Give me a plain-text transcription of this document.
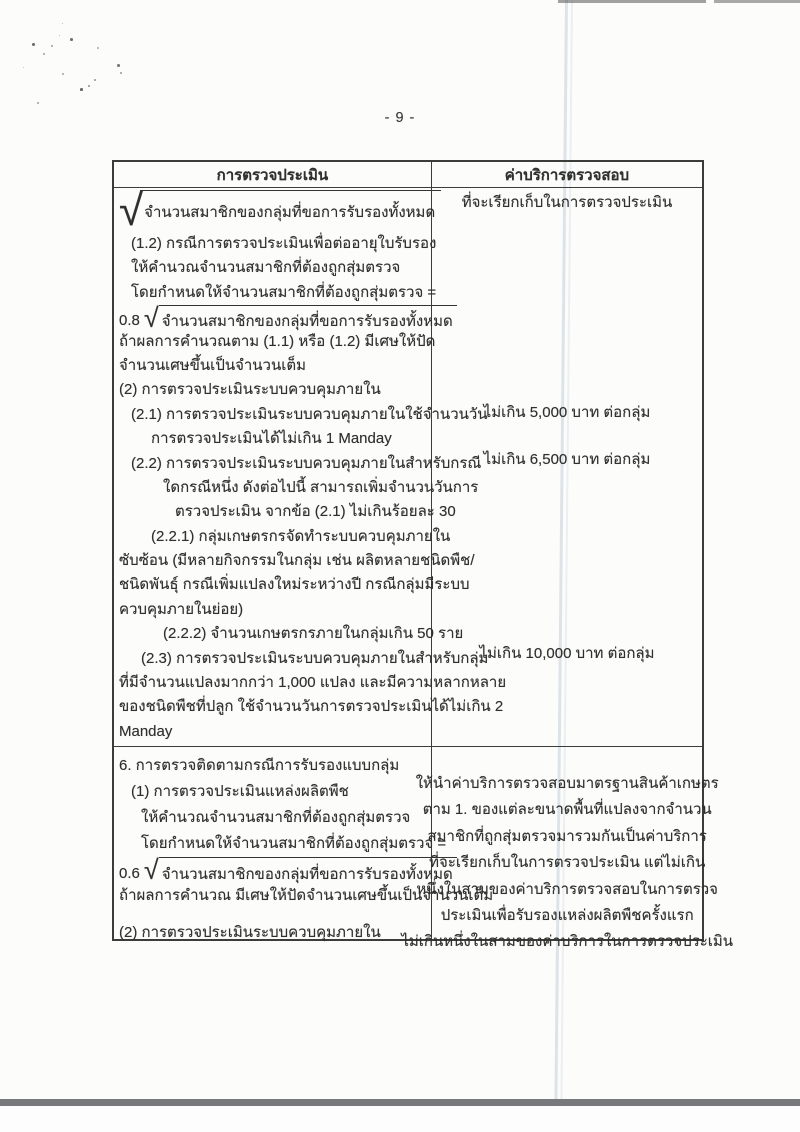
- 9 -
การตรวจประเมิน	ค่าบริการตรวจสอบ
√ จำนวนสมาชิกของกลุ่มที่ขอการรับรองทั้งหมด

(1.2) กรณีการตรวจประเมินเพื่อต่ออายุใบรับรอง

ให้คำนวณจำนวนสมาชิกที่ต้องถูกสุ่มตรวจ

โดยกำหนดให้จำนวนสมาชิกที่ต้องถูกสุ่มตรวจ =

0.8 √ จำนวนสมาชิกของกลุ่มที่ขอการรับรองทั้งหมด

ถ้าผลการคำนวณตาม (1.1) หรือ (1.2) มีเศษให้ปัด

จำนวนเศษขึ้นเป็นจำนวนเต็ม

(2) การตรวจประเมินระบบควบคุมภายใน

(2.1) การตรวจประเมินระบบควบคุมภายในใช้จำนวนวัน

การตรวจประเมินได้ไม่เกิน 1 Manday

(2.2) การตรวจประเมินระบบควบคุมภายในสำหรับกรณี

ใดกรณีหนึ่ง ดังต่อไปนี้ สามารถเพิ่มจำนวนวันการ

ตรวจประเมิน จากข้อ (2.1) ไม่เกินร้อยละ 30

(2.2.1) กลุ่มเกษตรกรจัดทำระบบควบคุมภายใน

ซับซ้อน (มีหลายกิจกรรมในกลุ่ม เช่น ผลิตหลายชนิดพืช/

ชนิดพันธุ์ กรณีเพิ่มแปลงใหม่ระหว่างปี กรณีกลุ่มมีระบบ

ควบคุมภายในย่อย)

(2.2.2) จำนวนเกษตรกรภายในกลุ่มเกิน 50 ราย

(2.3) การตรวจประเมินระบบควบคุมภายในสำหรับกลุ่ม

ที่มีจำนวนแปลงมากกว่า 1,000 แปลง และมีความหลากหลาย

ของชนิดพืชที่ปลูก ใช้จำนวนวันการตรวจประเมินได้ไม่เกิน 2

Manday

ที่จะเรียกเก็บในการตรวจประเมิน
ไม่เกิน 5,000 บาท ต่อกลุ่ม
ไม่เกิน 6,500 บาท ต่อกลุ่ม
ไม่เกิน 10,000 บาท ต่อกลุ่ม

6. การตรวจติดตามกรณีการรับรองแบบกลุ่ม

(1) การตรวจประเมินแหล่งผลิตพืช

ให้คำนวณจำนวนสมาชิกที่ต้องถูกสุ่มตรวจ

โดยกำหนดให้จำนวนสมาชิกที่ต้องถูกสุ่มตรวจ =

0.6 √ จำนวนสมาชิกของกลุ่มที่ขอการรับรองทั้งหมด

ถ้าผลการคำนวณ มีเศษให้ปัดจำนวนเศษขึ้นเป็นจำนวนเต็ม

(2) การตรวจประเมินระบบควบคุมภายใน

ให้นำค่าบริการตรวจสอบมาตรฐานสินค้าเกษตร

ตาม 1. ของแต่ละขนาดพื้นที่แปลงจากจำนวน

สมาชิกที่ถูกสุ่มตรวจมารวมกันเป็นค่าบริการ

ที่จะเรียกเก็บในการตรวจประเมิน แต่ไม่เกิน

หนึ่งในสามของค่าบริการตรวจสอบในการตรวจ

ประเมินเพื่อรับรองแหล่งผลิตพืชครั้งแรก

ไม่เกินหนึ่งในสามของค่าบริการในการตรวจประเมิน
